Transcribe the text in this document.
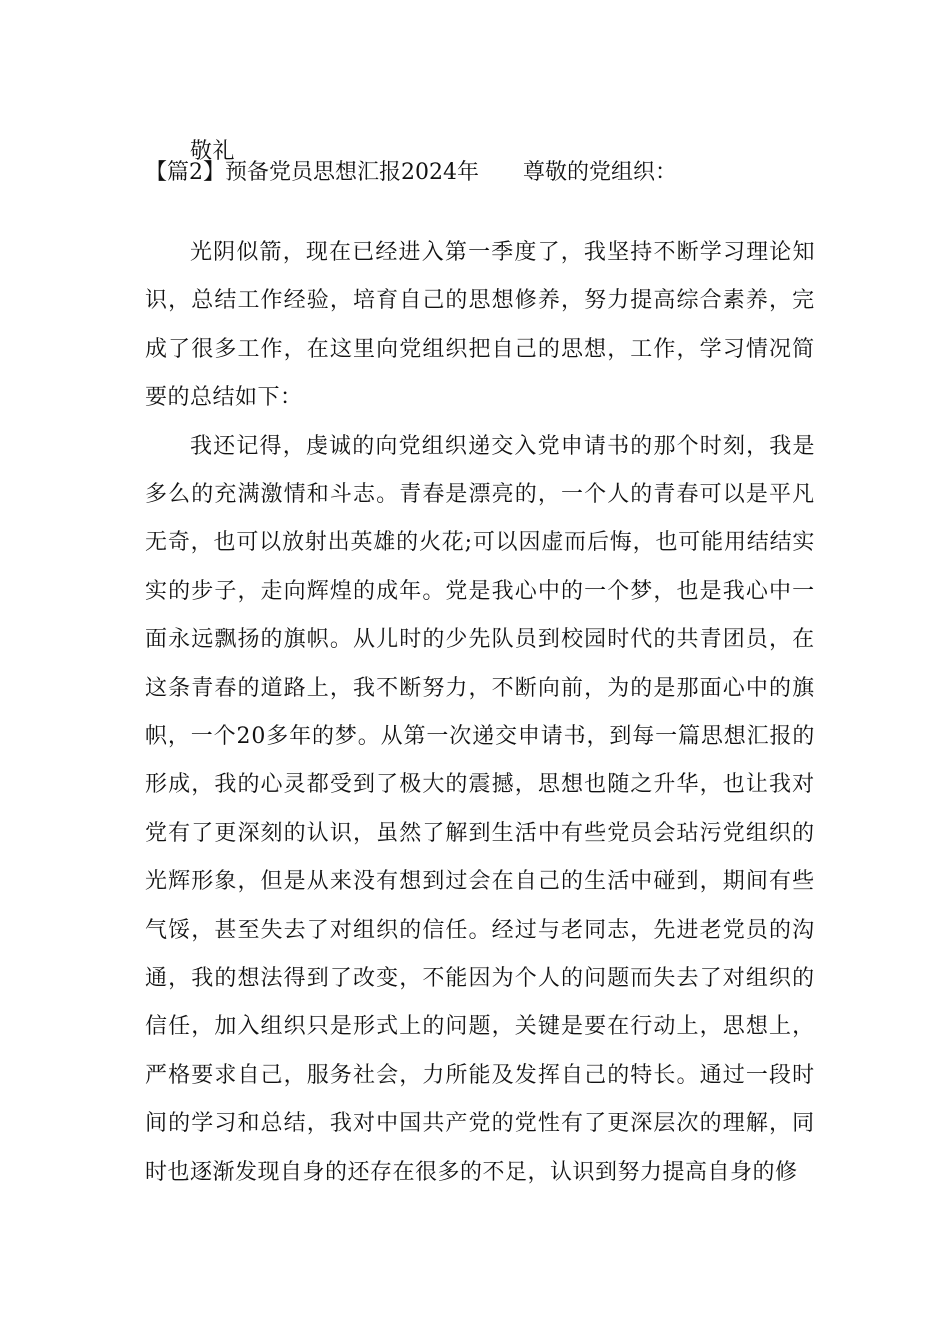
敬礼
【篇2】预备党员思想汇报2024年 尊敬的党组织：
光 阴 似 箭 ， 现 在 已 经 进 入 第 一 季 度 了 ， 我 坚 持 不 断 学 习 理 论 知
识 ， 总 结 工 作 经 验 ， 培 育 自 己 的 思 想 修 养 ， 努 力 提 高 综 合 素 养 ， 完
成 了 很 多 工 作 ， 在 这 里 向 党 组 织 把 自 己 的 思 想 ， 工 作 ， 学 习 情 况 简
要的总结如下：
我 还 记 得 ， 虔 诚 的 向 党 组 织 递 交 入 党 申 请 书 的 那 个 时 刻 ， 我 是
多 么 的 充 满 激 情 和 斗 志 。 青 春 是 漂 亮 的 ， 一 个 人 的 青 春 可 以 是 平 凡
无 奇 ， 也 可 以 放 射 出 英 雄 的 火 花 ; 可 以 因 虚 而 后 悔 ， 也 可 能 用 结 结 实
实 的 步 子 ， 走 向 辉 煌 的 成 年 。 党 是 我 心 中 的 一 个 梦 ， 也 是 我 心 中 一
面 永 远 飘 扬 的 旗 帜 。 从 儿 时 的 少 先 队 员 到 校 园 时 代 的 共 青 团 员 ， 在
这 条 青 春 的 道 路 上 ， 我 不 断 努 力 ， 不 断 向 前 ， 为 的 是 那 面 心 中 的 旗
帜 ， 一 个 2 0 多 年 的 梦 。 从 第 一 次 递 交 申 请 书 ， 到 每 一 篇 思 想 汇 报 的
形 成 ， 我 的 心 灵 都 受 到 了 极 大 的 震 撼 ， 思 想 也 随 之 升 华 ， 也 让 我 对
党 有 了 更 深 刻 的 认 识 ， 虽 然 了 解 到 生 活 中 有 些 党 员 会 玷 污 党 组 织 的
光 辉 形 象 ， 但 是 从 来 没 有 想 到 过 会 在 自 己 的 生 活 中 碰 到 ， 期 间 有 些
气 馁 ， 甚 至 失 去 了 对 组 织 的 信 任 。 经 过 与 老 同 志 ， 先 进 老 党 员 的 沟
通 ， 我 的 想 法 得 到 了 改 变 ， 不 能 因 为 个 人 的 问 题 而 失 去 了 对 组 织 的
信 任 ， 加 入 组 织 只 是 形 式 上 的 问 题 ， 关 键 是 要 在 行 动 上 ， 思 想 上 ，
严 格 要 求 自 己 ， 服 务 社 会 ， 力 所 能 及 发 挥 自 己 的 特 长 。 通 过 一 段 时
间 的 学 习 和 总 结 ， 我 对 中 国 共 产 党 的 党 性 有 了 更 深 层 次 的 理 解 ， 同
时也逐渐发现自身的还存在很多的不足，认识到努力提高自身的修
